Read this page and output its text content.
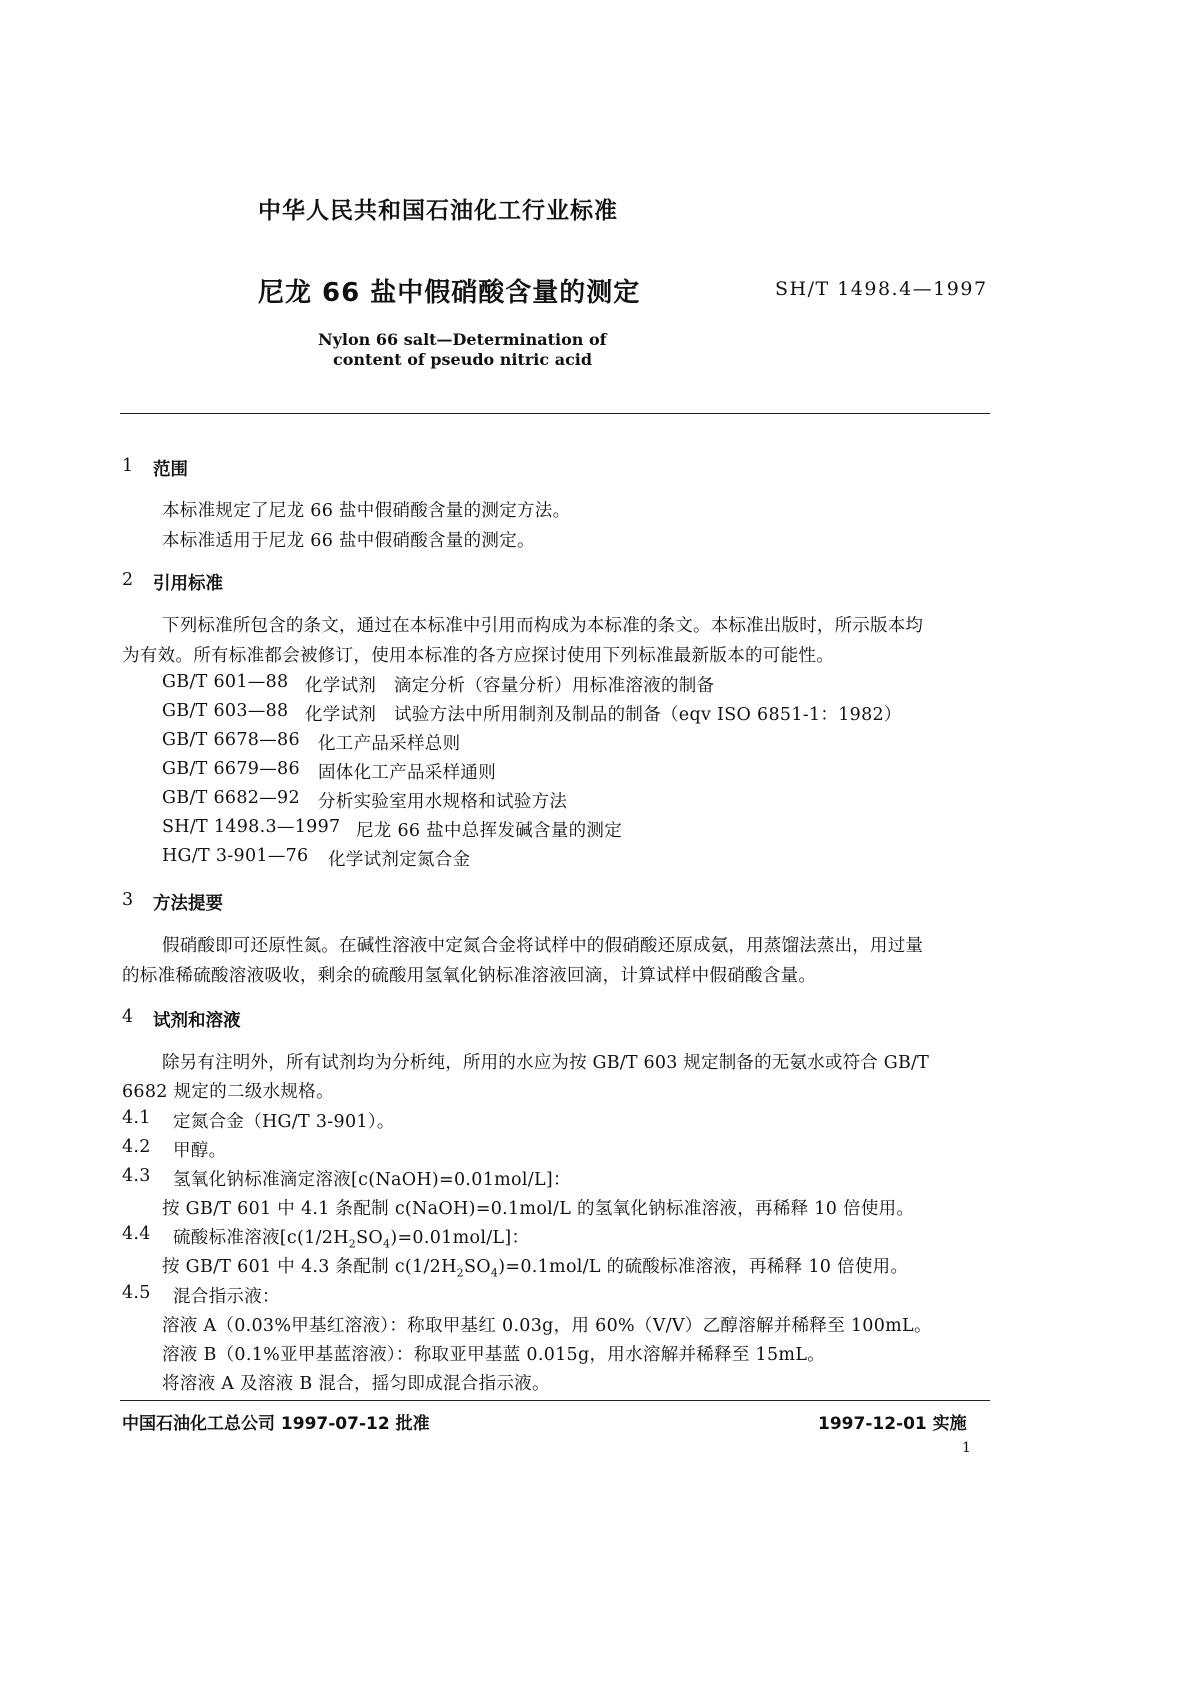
中华人民共和国石油化工行业标准
尼龙 66 盐中假硝酸含量的测定	SH/T 1498.4—1997
Nylon 66 salt—Determination of
content of pseudo nitric acid
1 范围
本标准规定了尼龙 66 盐中假硝酸含量的测定方法。
本标准适用于尼龙 66 盐中假硝酸含量的测定。
2 引用标准
下列标准所包含的条文，通过在本标准中引用而构成为本标准的条文。本标准出版时，所示版本均
为有效。所有标准都会被修订，使用本标准的各方应探讨使用下列标准最新版本的可能性。
GB/T 601—88 化学试剂　滴定分析（容量分析）用标准溶液的制备
GB/T 603—88 化学试剂　试验方法中所用制剂及制品的制备（eqv ISO 6851-1：1982）
GB/T 6678—86 化工产品采样总则
GB/T 6679—86 固体化工产品采样通则
GB/T 6682—92 分析实验室用水规格和试验方法
SH/T 1498.3—1997 尼龙 66 盐中总挥发碱含量的测定
HG/T 3-901—76 化学试剂定氮合金
3 方法提要
假硝酸即可还原性氮。在碱性溶液中定氮合金将试样中的假硝酸还原成氨，用蒸馏法蒸出，用过量
的标准稀硫酸溶液吸收，剩余的硫酸用氢氧化钠标准溶液回滴，计算试样中假硝酸含量。
4 试剂和溶液
除另有注明外，所有试剂均为分析纯，所用的水应为按 GB/T 603 规定制备的无氨水或符合 GB/T
6682 规定的二级水规格。
4.1 定氮合金（HG/T 3-901）。
4.2 甲醇。
4.3 氢氧化钠标准滴定溶液[c(NaOH)=0.01mol/L]：
按 GB/T 601 中 4.1 条配制 c(NaOH)=0.1mol/L 的氢氧化钠标准溶液，再稀释 10 倍使用。
4.4 硫酸标准溶液$[c(1/2H_2SO_4)=0.01mol/L]$：
按 GB/T 601 中 4.3 条配制 $c(1/2H_2SO_4)=0.1mol/L$ 的硫酸标准溶液，再稀释 10 倍使用。
4.5 混合指示液：
溶液 A（0.03%甲基红溶液）：称取甲基红 0.03g，用 60%（V/V）乙醇溶解并稀释至 100mL。
溶液 B（0.1%亚甲基蓝溶液）：称取亚甲基蓝 0.015g，用水溶解并稀释至 15mL。
将溶液 A 及溶液 B 混合，摇匀即成混合指示液。
中国石油化工总公司 1997-07-12 批准	1997-12-01 实施
1
